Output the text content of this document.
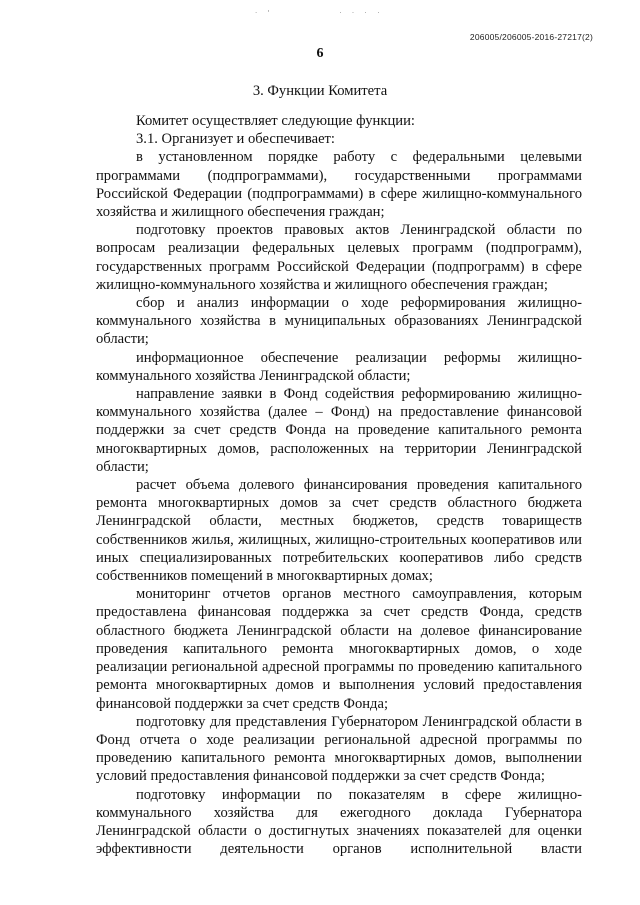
·  '                ·  ·  ·  ·
206005/206005-2016-27217(2)
6
3. Функции Комитета

Комитет осуществляет следующие функции:

3.1. Организует и обеспечивает:

в установленном порядке работу с федеральными целевыми программами (подпрограммами), государственными программами Российской Федерации (подпрограммами) в сфере жилищно-коммунального хозяйства и жилищного обеспечения граждан;

подготовку проектов правовых актов Ленинградской области по вопросам реализации федеральных целевых программ (подпрограмм), государственных программ Российской Федерации (подпрограмм) в сфере жилищно-коммунального хозяйства и жилищного обеспечения граждан;

сбор и анализ информации о ходе реформирования жилищно-коммунального хозяйства в муниципальных образованиях Ленинградской области;

информационное обеспечение реализации реформы жилищно-коммунального хозяйства Ленинградской области;

направление заявки в Фонд содействия реформированию жилищно-коммунального хозяйства (далее – Фонд) на предоставление финансовой поддержки за счет средств Фонда на проведение капитального ремонта многоквартирных домов, расположенных на территории Ленинградской области;

расчет объема долевого финансирования проведения капитального ремонта многоквартирных домов за счет средств областного бюджета Ленинградской области, местных бюджетов, средств товариществ собственников жилья, жилищных, жилищно-строительных кооперативов или иных специализированных потребительских кооперативов либо средств собственников помещений в многоквартирных домах;

мониторинг отчетов органов местного самоуправления, которым предоставлена финансовая поддержка за счет средств Фонда, средств областного бюджета Ленинградской области на долевое финансирование проведения капитального ремонта многоквартирных домов, о ходе реализации региональной адресной программы по проведению капитального ремонта многоквартирных домов и выполнения условий предоставления финансовой поддержки за счет средств Фонда;

подготовку для представления Губернатором Ленинградской области в Фонд отчета о ходе реализации региональной адресной программы по проведению капитального ремонта многоквартирных домов, выполнении условий предоставления финансовой поддержки за счет средств Фонда;

подготовку информации по показателям в сфере жилищно-коммунального хозяйства для ежегодного доклада Губернатора Ленинградской области о достигнутых значениях показателей для оценки эффективности деятельности органов исполнительной власти
